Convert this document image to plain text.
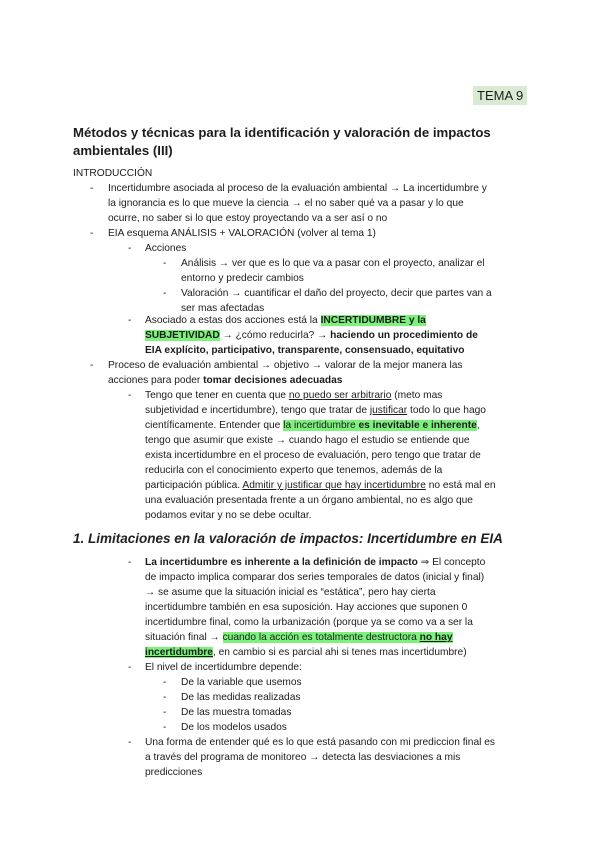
TEMA 9
Métodos y técnicas para la identificación y valoración de impactos
ambientales (III)
INTRODUCCIÓN
- Incertidumbre asociada al proceso de la evaluación ambiental → La incertidumbre y
la ignorancia es lo que mueve la ciencia → el no saber qué va a pasar y lo que
ocurre, no saber si lo que estoy proyectando va a ser así o no
- EIA esquema ANÁLISIS + VALORACIÓN (volver al tema 1)
- Acciones
- Análisis → ver que es lo que va a pasar con el proyecto, analizar el
entorno y predecir cambios
- Valoración → cuantificar el daño del proyecto, decir que partes van a
ser mas afectadas
- Asociado a estas dos acciones está la INCERTIDUMBRE y la
SUBJETIVIDAD → ¿cómo reducirla? → haciendo un procedimiento de
EIA explícito, participativo, transparente, consensuado, equitativo
- Proceso de evaluación ambiental → objetivo → valorar de la mejor manera las
acciones para poder tomar decisiones adecuadas
- Tengo que tener en cuenta que no puedo ser arbitrario (meto mas
subjetividad e incertidumbre), tengo que tratar de justificar todo lo que hago
científicamente. Entender que la incertidumbre es inevitable e inherente,
tengo que asumir que existe → cuando hago el estudio se entiende que
exista incertidumbre en el proceso de evaluación, pero tengo que tratar de
reducirla con el conocimiento experto que tenemos, además de la
participación pública. Admitir y justificar que hay incertidumbre no está mal en
una evaluación presentada frente a un órgano ambiental, no es algo que
podamos evitar y no se debe ocultar.
1. Limitaciones en la valoración de impactos: Incertidumbre en EIA
- La incertidumbre es inherente a la definición de impacto ⇒ El concepto
de impacto implica comparar dos series temporales de datos (inicial y final)
→ se asume que la situación inicial es “estática”, pero hay cierta
incertidumbre también en esa suposición. Hay acciones que suponen 0
incertidumbre final, como la urbanización (porque ya se como va a ser la
situación final → cuando la acción es totalmente destructora no hay
incertidumbre, en cambio si es parcial ahi si tenes mas incertidumbre)
- El nivel de incertidumbre depende:
- De la variable que usemos
- De las medidas realizadas
- De las muestra tomadas
- De los modelos usados
- Una forma de entender qué es lo que está pasando con mi prediccion final es
a través del programa de monitoreo → detecta las desviaciones a mis
predicciones
